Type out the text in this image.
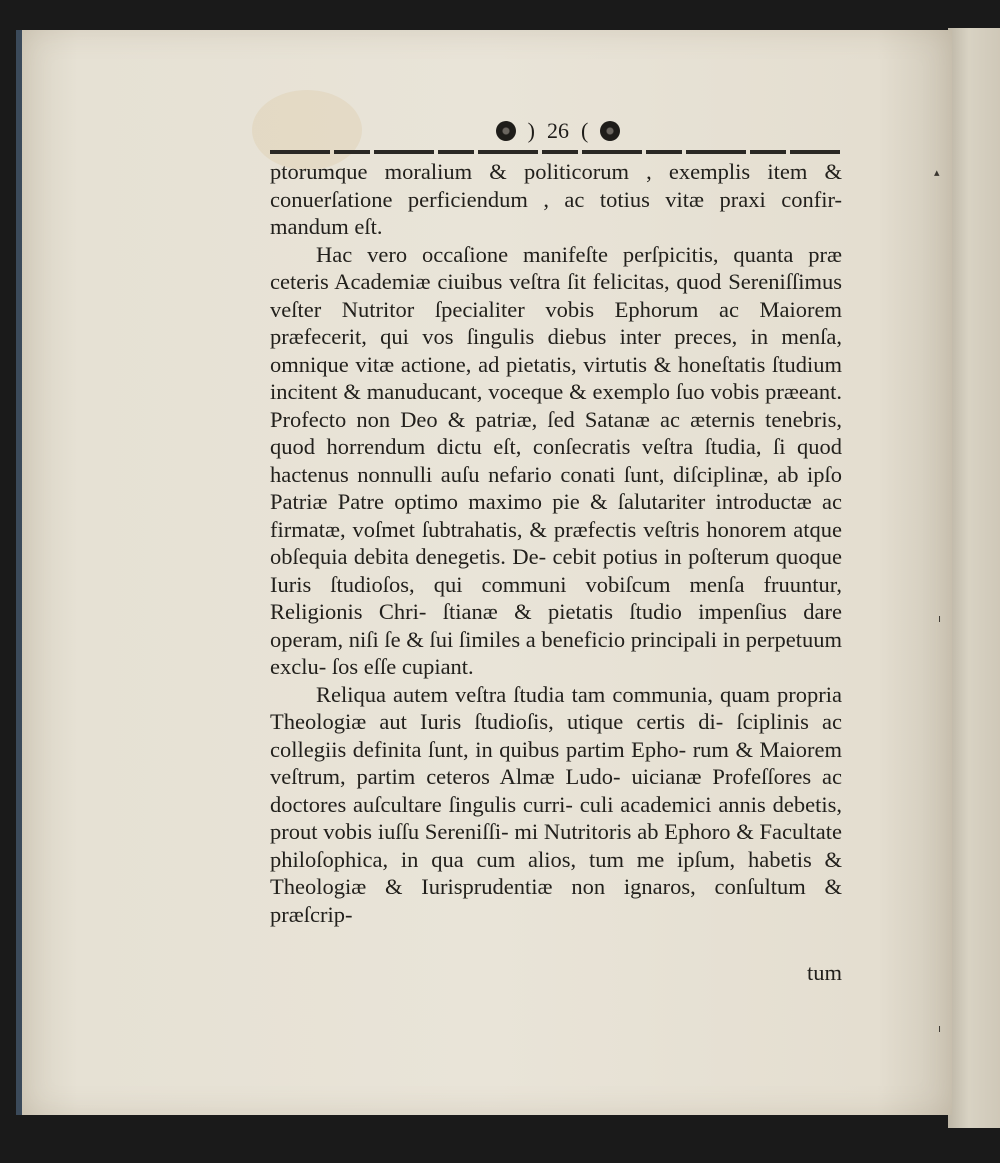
) 26 (

ptorumque moralium & politicorum , exemplis item & conuerſatione perficiendum , ac totius vitæ praxi confir- mandum eſt.

Hac vero occaſione manifeſte perſpicitis, quanta præ ceteris Academiæ ciuibus veſtra ſit felicitas, quod Sereniſſimus veſter Nutritor ſpecialiter vobis Ephorum ac Maiorem præfecerit, qui vos ſingulis diebus inter preces, in menſa, omnique vitæ actione, ad pietatis, virtutis & honeſtatis ſtudium incitent & manuducant, voceque & exemplo ſuo vobis præeant. Profecto non Deo & patriæ, ſed Satanæ ac æternis tenebris, quod horrendum dictu eſt, conſecratis veſtra ſtudia, ſi quod hactenus nonnulli auſu nefario conati ſunt, diſciplinæ, ab ipſo Patriæ Patre optimo maximo pie & ſalutariter introductæ ac firmatæ, voſmet ſubtrahatis, & præfectis veſtris honorem atque obſequia debita denegetis. De- cebit potius in poſterum quoque Iuris ſtudioſos, qui communi vobiſcum menſa fruuntur, Religionis Chri- ſtianæ & pietatis ſtudio impenſius dare operam, niſi ſe & ſui ſimiles a beneficio principali in perpetuum exclu- ſos eſſe cupiant.

Reliqua autem veſtra ſtudia tam communia, quam propria Theologiæ aut Iuris ſtudioſis, utique certis di- ſciplinis ac collegiis definita ſunt, in quibus partim Epho- rum & Maiorem veſtrum, partim ceteros Almæ Ludo- uicianæ Profeſſores ac doctores auſcultare ſingulis curri- culi academici annis debetis, prout vobis iuſſu Sereniſſi- mi Nutritoris ab Ephoro & Facultate philoſophica, in qua cum alios, tum me ipſum, habetis & Theologiæ & Iurisprudentiæ non ignaros, conſultum & præſcrip-

tum
▴
ı
ı
